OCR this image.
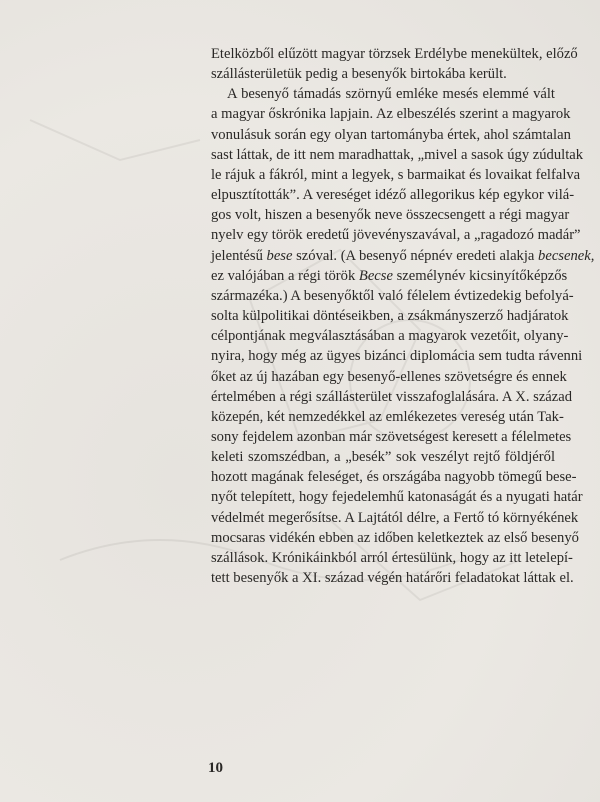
Etelközből elűzött magyar törzsek Erdélybe menekültek, előző
szállásterületük pedig a besenyők birtokába került.
A besenyő támadás szörnyű emléke mesés elemmé vált
a magyar őskrónika lapjain. Az elbeszélés szerint a magyarok
vonulásuk során egy olyan tartományba értek, ahol számtalan
sast láttak, de itt nem maradhattak, „mivel a sasok úgy zúdultak
le rájuk a fákról, mint a legyek, s barmaikat és lovaikat felfalva
elpusztították”. A vereséget idéző allegorikus kép egykor vilá-
gos volt, hiszen a besenyők neve összecsengett a régi magyar
nyelv egy török eredetű jövevényszavával, a „ragadozó madár”
jelentésű bese szóval. (A besenyő népnév eredeti alakja becsenek,
ez valójában a régi török Becse személynév kicsinyítőképzős
származéka.) A besenyőktől való félelem évtizedekig befolyá-
solta külpolitikai döntéseikben, a zsákmányszerző hadjáratok
célpontjának megválasztásában a magyarok vezetőit, olyany-
nyira, hogy még az ügyes bizánci diplomácia sem tudta rávenni
őket az új hazában egy besenyő-ellenes szövetségre és ennek
értelmében a régi szállásterület visszafoglalására. A X. század
közepén, két nemzedékkel az emlékezetes vereség után Tak-
sony fejdelem azonban már szövetségest keresett a félelmetes
keleti szomszédban, a „besék” sok veszélyt rejtő földjéről
hozott magának feleséget, és országába nagyobb tömegű bese-
nyőt telepített, hogy fejedelemhű katonaságát és a nyugati határ
védelmét megerősítse. A Lajtától délre, a Fertő tó környékének
mocsaras vidékén ebben az időben keletkeztek az első besenyő
szállások. Krónikáinkból arról értesülünk, hogy az itt letelepí-
tett besenyők a XI. század végén határőri feladatokat láttak el.
10
